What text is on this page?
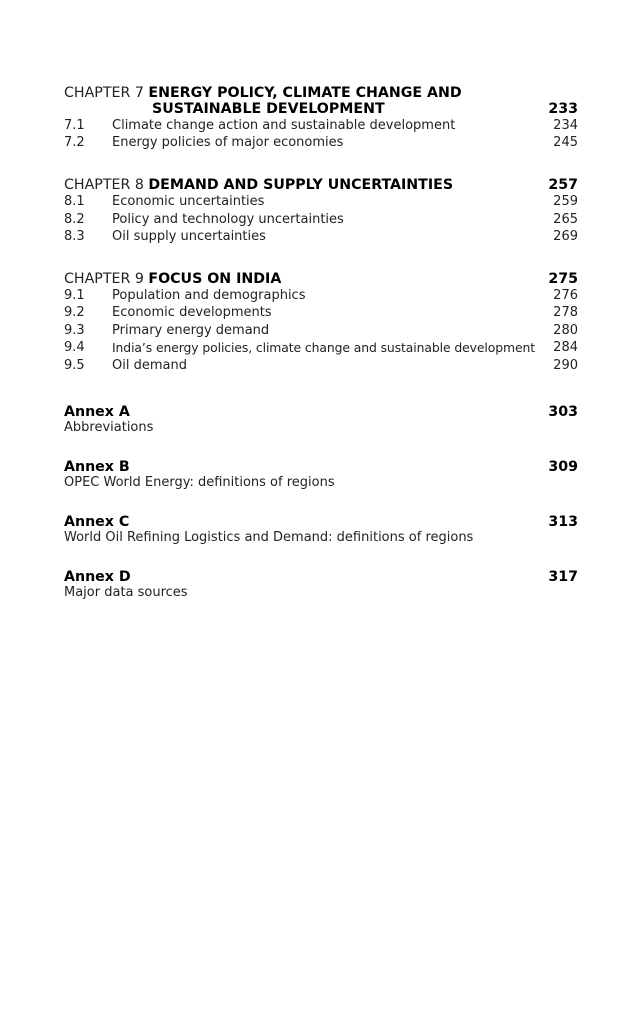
CHAPTER 7 ENERGY POLICY, CLIMATE CHANGE AND
SUSTAINABLE DEVELOPMENT	233
7.1	Climate change action and sustainable development	234
7.2	Energy policies of major economies	245
CHAPTER 8 DEMAND AND SUPPLY UNCERTAINTIES	257
8.1	Economic uncertainties	259
8.2	Policy and technology uncertainties	265
8.3	Oil supply uncertainties	269
CHAPTER 9 FOCUS ON INDIA	275
9.1	Population and demographics	276
9.2	Economic developments	278
9.3	Primary energy demand	280
9.4	India’s energy policies, climate change and sustainable development	284
9.5	Oil demand	290
Annex A	303
Abbreviations
Annex B	309
OPEC World Energy: definitions of regions
Annex C	313
World Oil Refining Logistics and Demand: definitions of regions
Annex D	317
Major data sources
